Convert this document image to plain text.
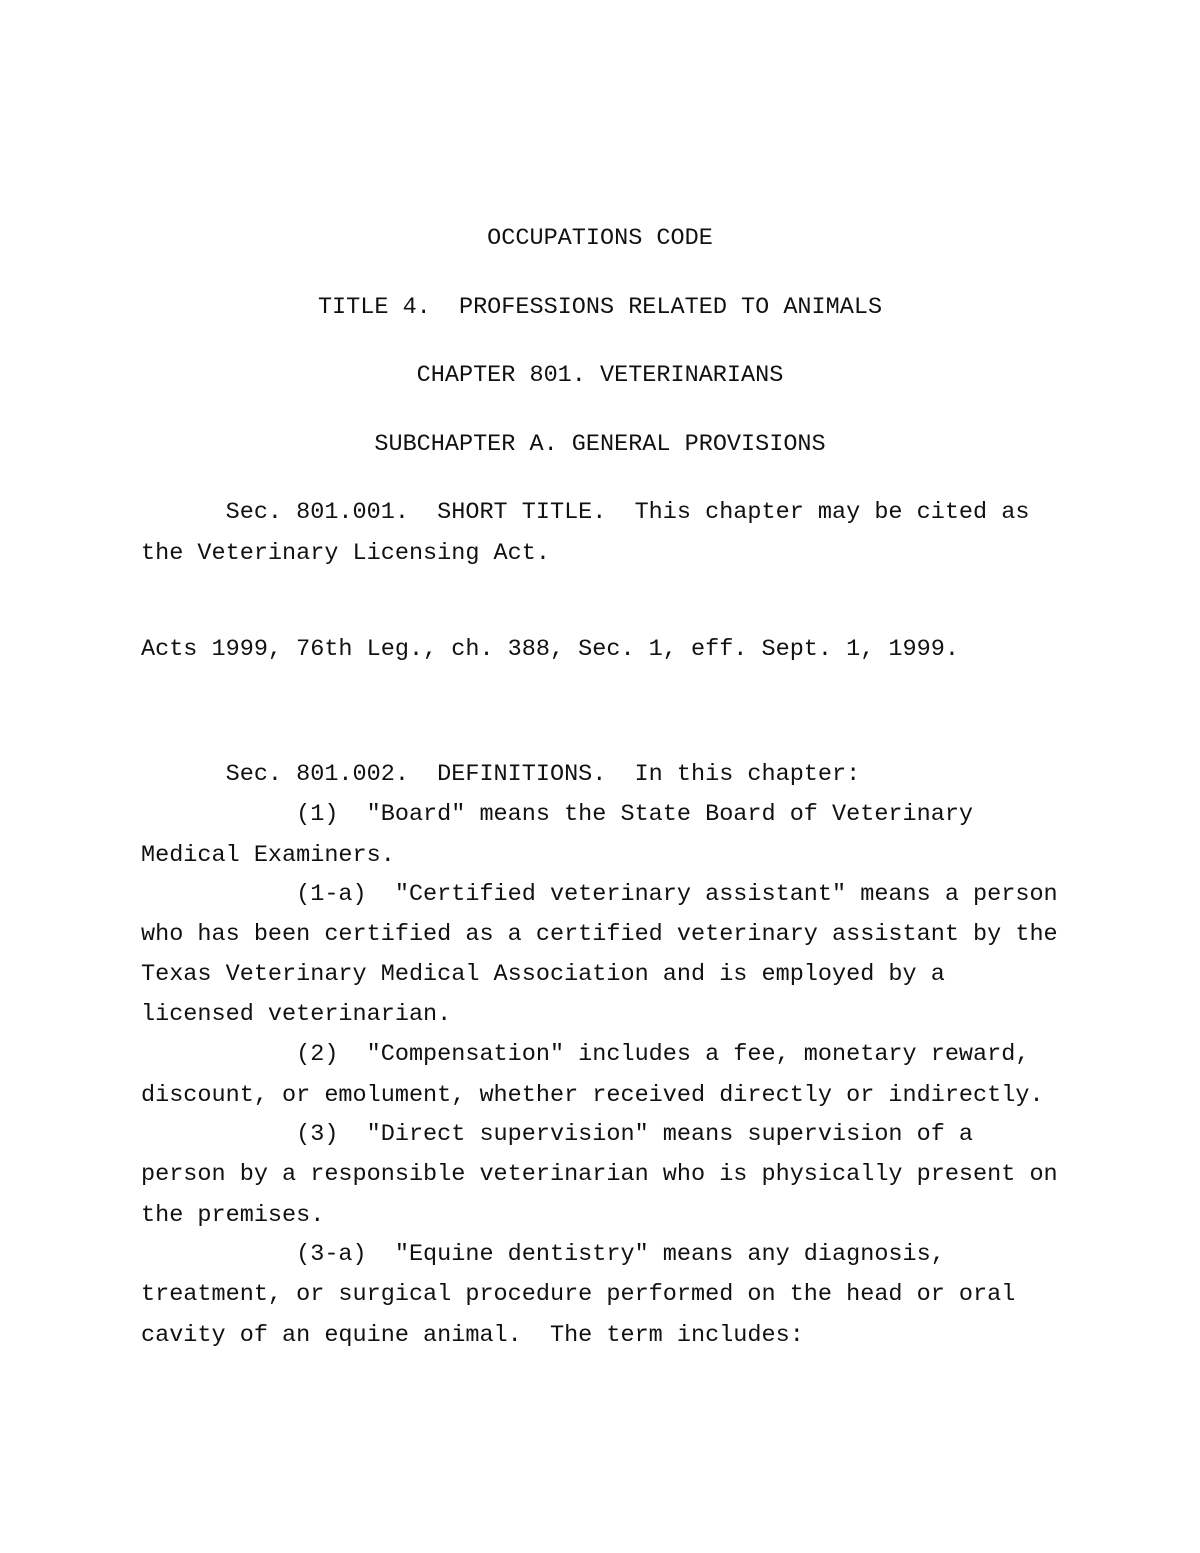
OCCUPATIONS CODE

TITLE 4.  PROFESSIONS RELATED TO ANIMALS

CHAPTER 801. VETERINARIANS

SUBCHAPTER A. GENERAL PROVISIONS

Sec. 801.001.  SHORT TITLE.  This chapter may be cited as

the Veterinary Licensing Act.

Acts 1999, 76th Leg., ch. 388, Sec. 1, eff. Sept. 1, 1999.

Sec. 801.002.  DEFINITIONS.  In this chapter:

(1)  "Board" means the State Board of Veterinary

Medical Examiners.

(1-a)  "Certified veterinary assistant" means a person

who has been certified as a certified veterinary assistant by the

Texas Veterinary Medical Association and is employed by a

licensed veterinarian.

(2)  "Compensation" includes a fee, monetary reward,

discount, or emolument, whether received directly or indirectly.

(3)  "Direct supervision" means supervision of a

person by a responsible veterinarian who is physically present on

the premises.

(3-a)  "Equine dentistry" means any diagnosis,

treatment, or surgical procedure performed on the head or oral

cavity of an equine animal.  The term includes:
